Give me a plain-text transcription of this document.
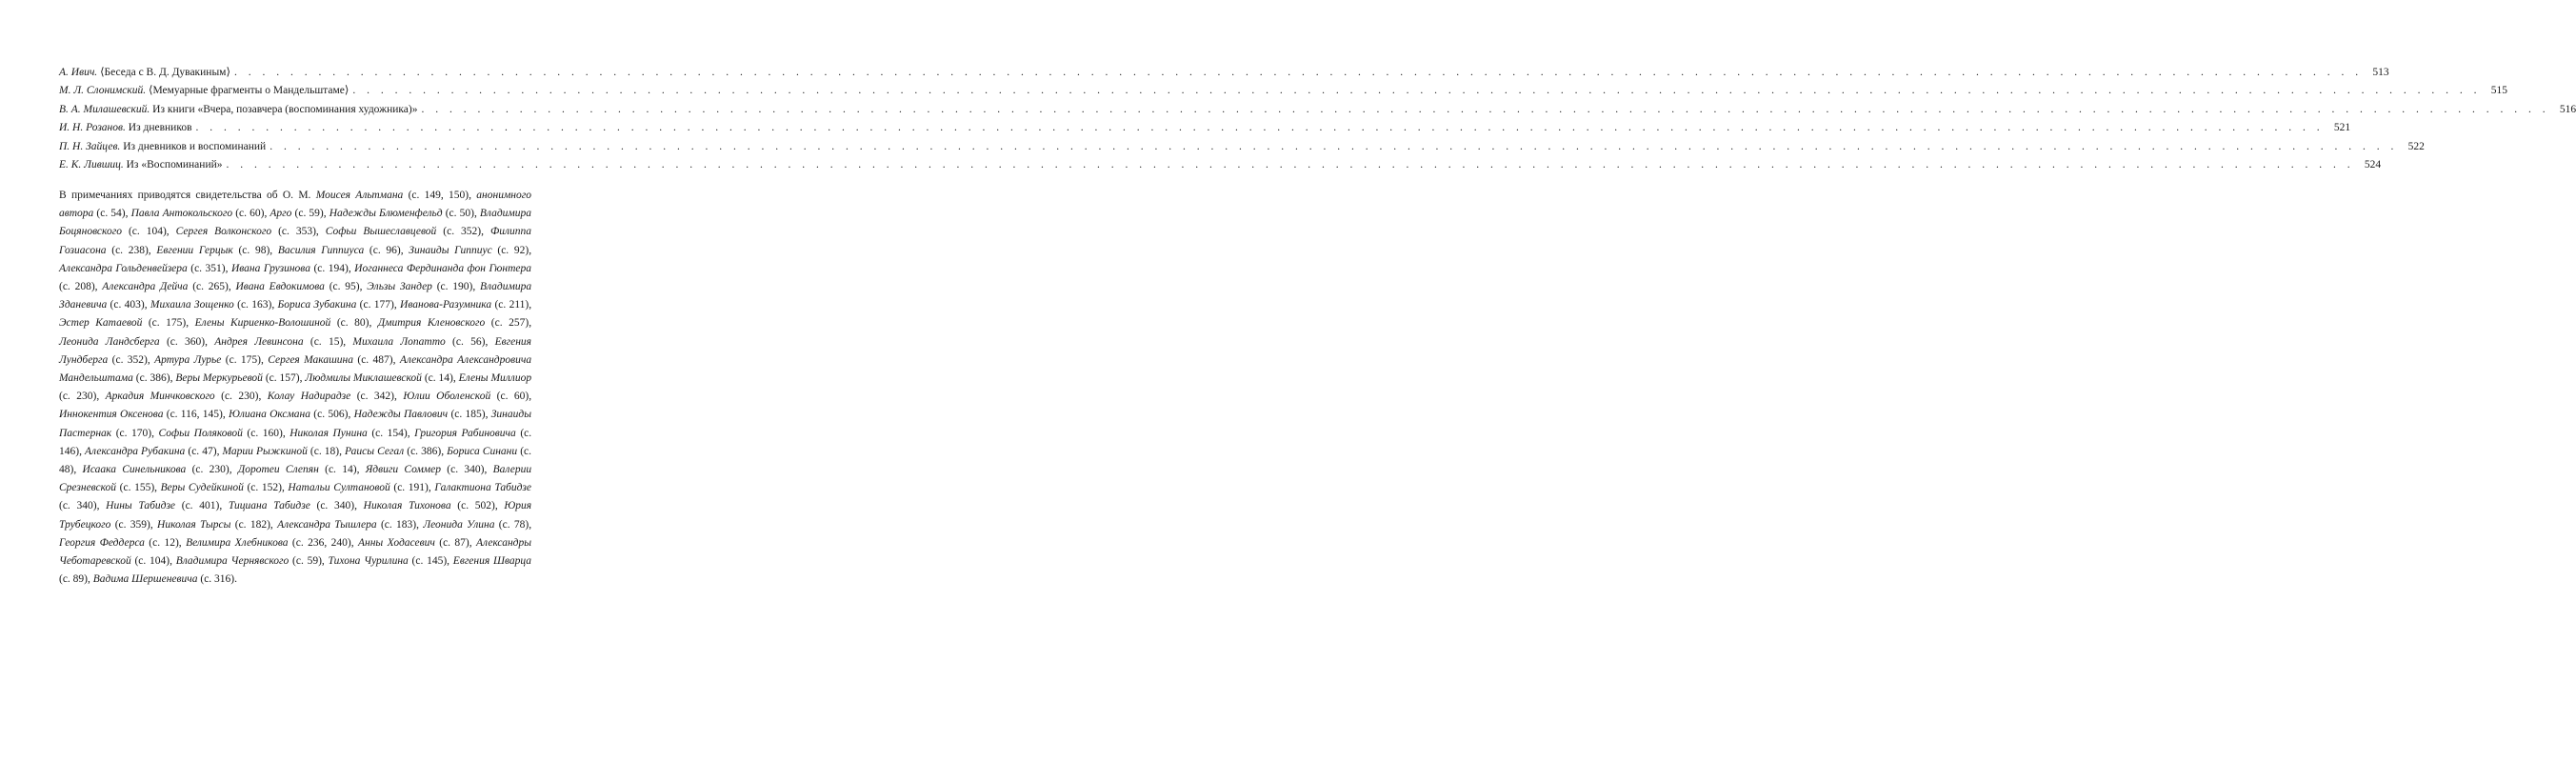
А. Ивич. ⟨Беседа с В. Д. Дувакиным⟩ . . .	513
М. Л. Слонимский. ⟨Мемуарные фрагменты о Мандельштаме⟩ . . .	515
В. А. Милашевский. Из книги «Вчера, позавчера (воспоминания художника)» . . .	516
И. Н. Розанов. Из дневников . . .	521
П. Н. Зайцев. Из дневников и воспоминаний . . .	522
Е. К. Лившиц. Из «Воспоминаний» . . .	524

В примечаниях приводятся свидетельства об О. М. Моисея Альтмана (с. 149, 150), анонимного автора (с. 54), Павла Антокольского (с. 60), Арго (с. 59), Надежды Блюменфельд (с. 50), Владимира Боцяновского (с. 104), Сергея Волконского (с. 353), Софьи Вышеславцевой (с. 352), Филиппа Гозиасона (с. 238), Евгении Герцык (с. 98), Василия Гиппиуса (с. 96), Зинаиды Гиппиус (с. 92), Александра Гольденвейзера (с. 351), Ивана Грузинова (с. 194), Иоганнеса Фердинанда фон Гюнтера (с. 208), Александра Дейча (с. 265), Ивана Евдокимова (с. 95), Эльзы Зандер (с. 190), Владимира Зданевича (с. 403), Михаила Зощенко (с. 163), Бориса Зубакина (с. 177), Иванова-Разумника (с. 211), Эстер Катаевой (с. 175), Елены Кириенко-Волошиной (с. 80), Дмитрия Кленовского (с. 257), Леонида Ландсберга (с. 360), Андрея Левинсона (с. 15), Михаила Лопатто (с. 56), Евгения Лундберга (с. 352), Артура Лурье (с. 175), Сергея Макашина (с. 487), Александра Александровича Мандельштама (с. 386), Веры Меркурьевой (с. 157), Людмилы Миклашевской (с. 14), Елены Миллиор (с. 230), Аркадия Минчковского (с. 230), Колау Надирадзе (с. 342), Юлии Оболенской (с. 60), Иннокентия Оксенова (с. 116, 145), Юлиана Оксмана (с. 506), Надежды Павлович (с. 185), Зинаиды Пастернак (с. 170), Софьи Поляковой (с. 160), Николая Пунина (с. 154), Григория Рабиновича (с. 146), Александра Рубакина (с. 47), Марии Рыжкиной (с. 18), Раисы Сегал (с. 386), Бориса Синани (с. 48), Исаака Синельникова (с. 230), Доротеи Слепян (с. 14), Ядвиги Соммер (с. 340), Валерии Срезневской (с. 155), Веры Судейкиной (с. 152), Натальи Султановой (с. 191), Галактиона Табидзе (с. 340), Нины Табидзе (с. 401), Тициана Табидзе (с. 340), Николая Тихонова (с. 502), Юрия Трубецкого (с. 359), Николая Тырсы (с. 182), Александра Тышлера (с. 183), Леонида Улина (с. 78), Георгия Феддерса (с. 12), Велимира Хлебникова (с. 236, 240), Анны Ходасевич (с. 87), Александры Чеботаревской (с. 104), Владимира Чернявского (с. 59), Тихона Чурилина (с. 145), Евгения Шварца (с. 89), Вадима Шершеневича (с. 316).
